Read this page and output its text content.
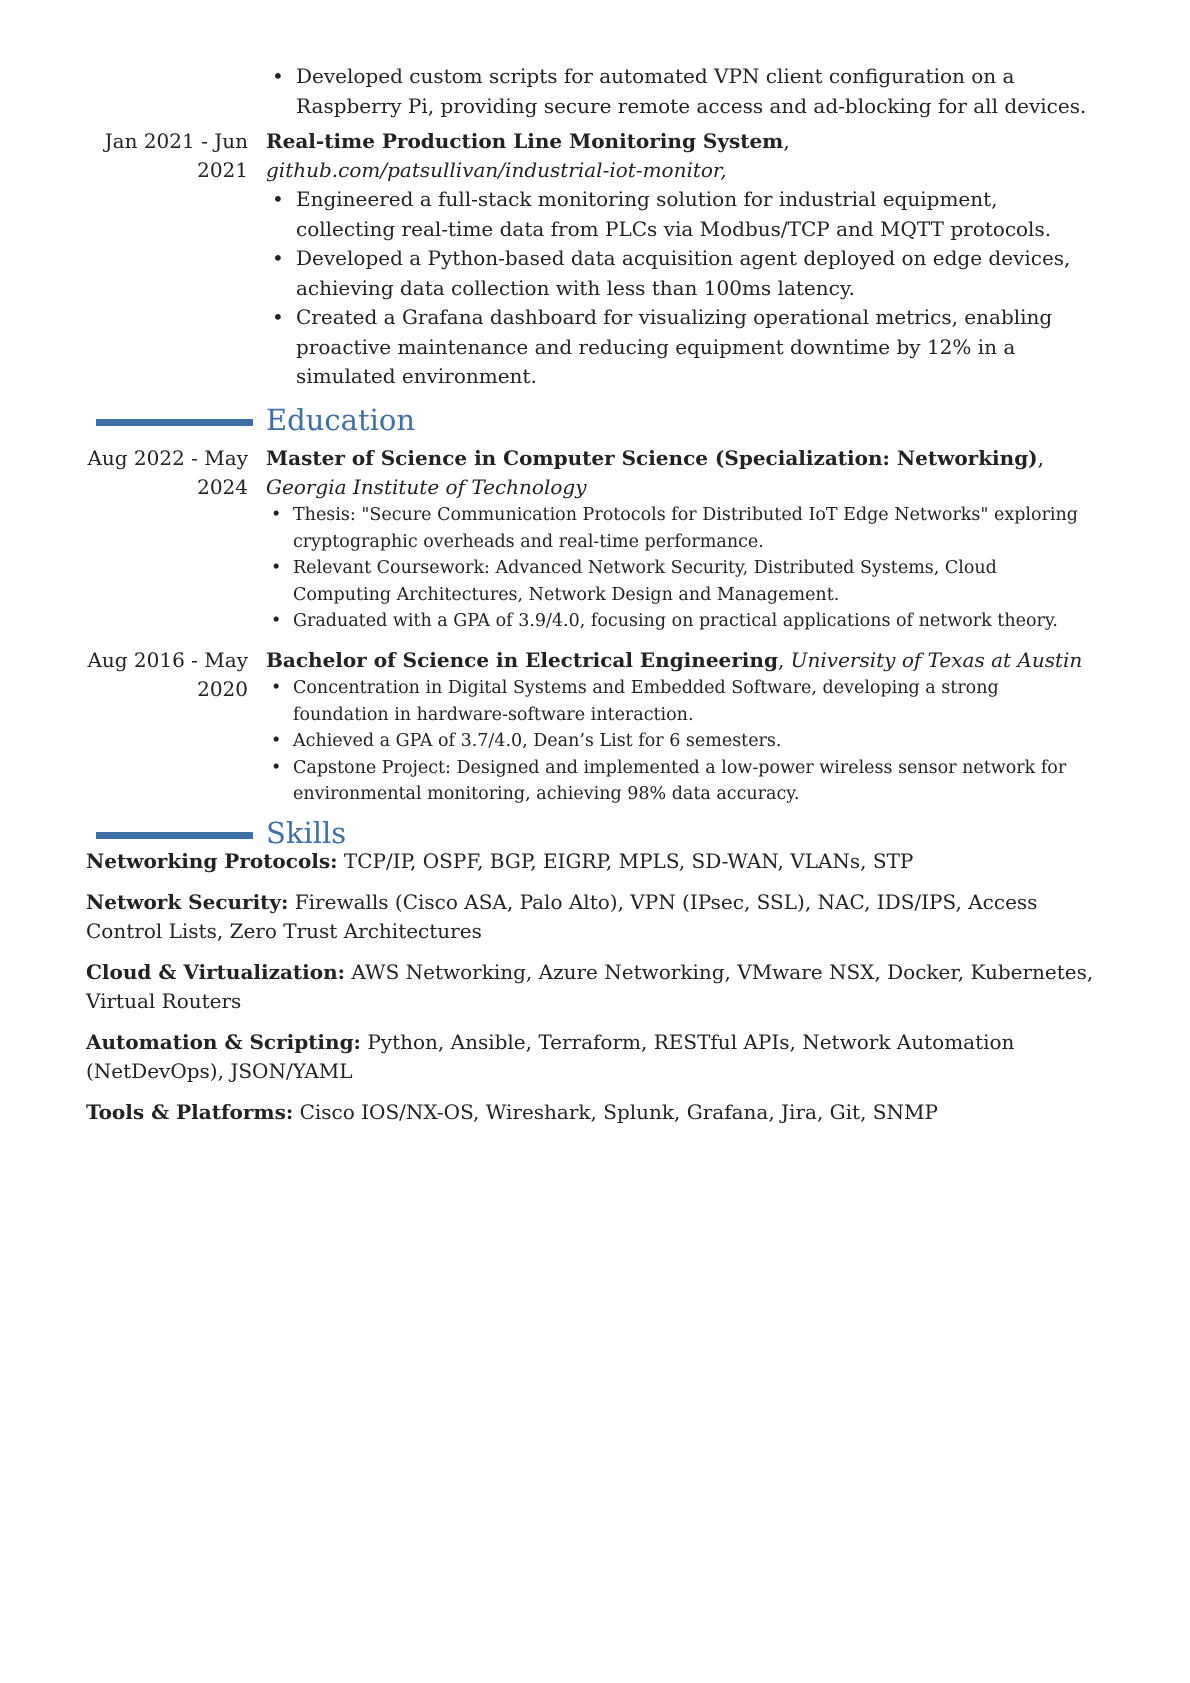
• Developed custom scripts for automated VPN client configuration on a Raspberry Pi, providing secure remote access and ad-blocking for all devices.
Jan 2021 - Jun 2021
Real-time Production Line Monitoring System, github.com/patsullivan/industrial-iot-monitor,
• Engineered a full-stack monitoring solution for industrial equipment, collecting real-time data from PLCs via Modbus/TCP and MQTT protocols.
• Developed a Python-based data acquisition agent deployed on edge devices, achieving data collection with less than 100ms latency.
• Created a Grafana dashboard for visualizing operational metrics, enabling proactive maintenance and reducing equipment downtime by 12% in a simulated environment.
Education
Aug 2022 - May 2024
Master of Science in Computer Science (Specialization: Networking), Georgia Institute of Technology
• Thesis: "Secure Communication Protocols for Distributed IoT Edge Networks" exploring cryptographic overheads and real-time performance.
• Relevant Coursework: Advanced Network Security, Distributed Systems, Cloud Computing Architectures, Network Design and Management.
• Graduated with a GPA of 3.9/4.0, focusing on practical applications of network theory.
Aug 2016 - May 2020
Bachelor of Science in Electrical Engineering, University of Texas at Austin
• Concentration in Digital Systems and Embedded Software, developing a strong foundation in hardware-software interaction.
• Achieved a GPA of 3.7/4.0, Dean’s List for 6 semesters.
• Capstone Project: Designed and implemented a low-power wireless sensor network for environmental monitoring, achieving 98% data accuracy.
Skills
Networking Protocols: TCP/IP, OSPF, BGP, EIGRP, MPLS, SD-WAN, VLANs, STP
Network Security: Firewalls (Cisco ASA, Palo Alto), VPN (IPsec, SSL), NAC, IDS/IPS, Access Control Lists, Zero Trust Architectures
Cloud & Virtualization: AWS Networking, Azure Networking, VMware NSX, Docker, Kubernetes, Virtual Routers
Automation & Scripting: Python, Ansible, Terraform, RESTful APIs, Network Automation (NetDevOps), JSON/YAML
Tools & Platforms: Cisco IOS/NX-OS, Wireshark, Splunk, Grafana, Jira, Git, SNMP
